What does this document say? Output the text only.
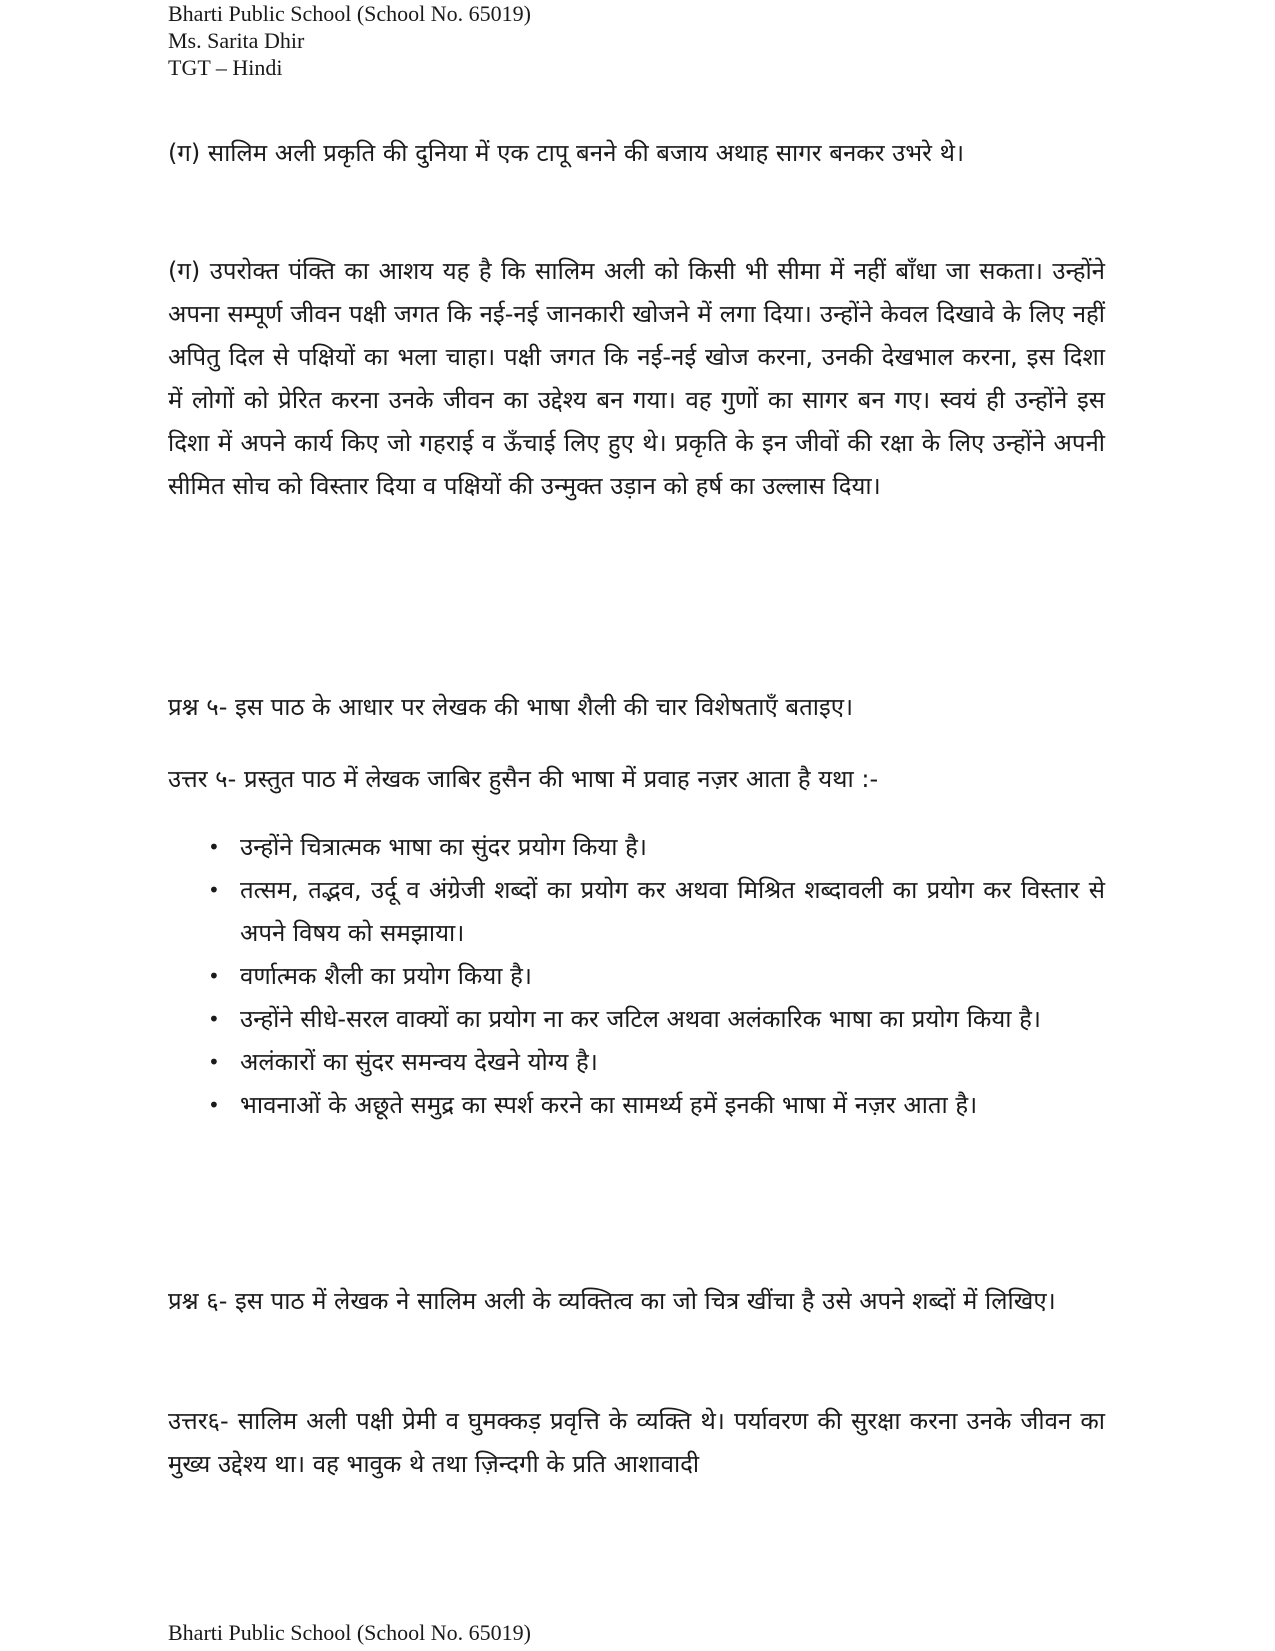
Bharti Public School (School No. 65019)
Ms. Sarita Dhir
TGT – Hindi

(ग) सालिम अली प्रकृति की दुनिया में एक टापू बनने की बजाय अथाह सागर बनकर उभरे थे।

(ग) उपरोक्त पंक्ति का आशय यह है कि सालिम अली को किसी भी सीमा में नहीं बाँधा जा सकता। उन्होंने अपना सम्पूर्ण जीवन पक्षी जगत कि नई-नई जानकारी खोजने में लगा दिया। उन्होंने केवल दिखावे के लिए नहीं अपितु दिल से पक्षियों का भला चाहा। पक्षी जगत कि नई-नई खोज करना, उनकी देखभाल करना, इस दिशा में लोगों को प्रेरित करना उनके जीवन का उद्देश्य बन गया। वह गुणों का सागर बन गए। स्वयं ही उन्होंने इस दिशा में अपने कार्य किए जो गहराई व ऊँचाई लिए हुए थे। प्रकृति के इन जीवों की रक्षा के लिए उन्होंने अपनी सीमित सोच को विस्तार दिया व पक्षियों की उन्मुक्त उड़ान को हर्ष का उल्लास दिया।

प्रश्न ५- इस पाठ के आधार पर लेखक की भाषा शैली की चार विशेषताएँ बताइए।

उत्तर ५- प्रस्तुत पाठ में लेखक जाबिर हुसैन की भाषा में प्रवाह नज़र आता है यथा :-

• उन्होंने चित्रात्मक भाषा का सुंदर प्रयोग किया है।
• तत्सम, तद्भव, उर्दू व अंग्रेजी शब्दों का प्रयोग कर अथवा मिश्रित शब्दावली का प्रयोग कर विस्तार से अपने विषय को समझाया।
• वर्णात्मक शैली का प्रयोग किया है।
• उन्होंने सीधे-सरल वाक्यों का प्रयोग ना कर जटिल अथवा अलंकारिक भाषा का प्रयोग किया है।
• अलंकारों का सुंदर समन्वय देखने योग्य है।
• भावनाओं के अछूते समुद्र का स्पर्श करने का सामर्थ्य हमें इनकी भाषा में नज़र आता है।

प्रश्न ६- इस पाठ में लेखक ने सालिम अली के व्यक्तित्व का जो चित्र खींचा है उसे अपने शब्दों में लिखिए।

उत्तर६- सालिम अली पक्षी प्रेमी व घुमक्कड़ प्रवृत्ति के व्यक्ति थे। पर्यावरण की सुरक्षा करना उनके जीवन का मुख्य उद्देश्य था। वह भावुक थे तथा ज़िन्दगी के प्रति आशावादी

Bharti Public School (School No. 65019)
